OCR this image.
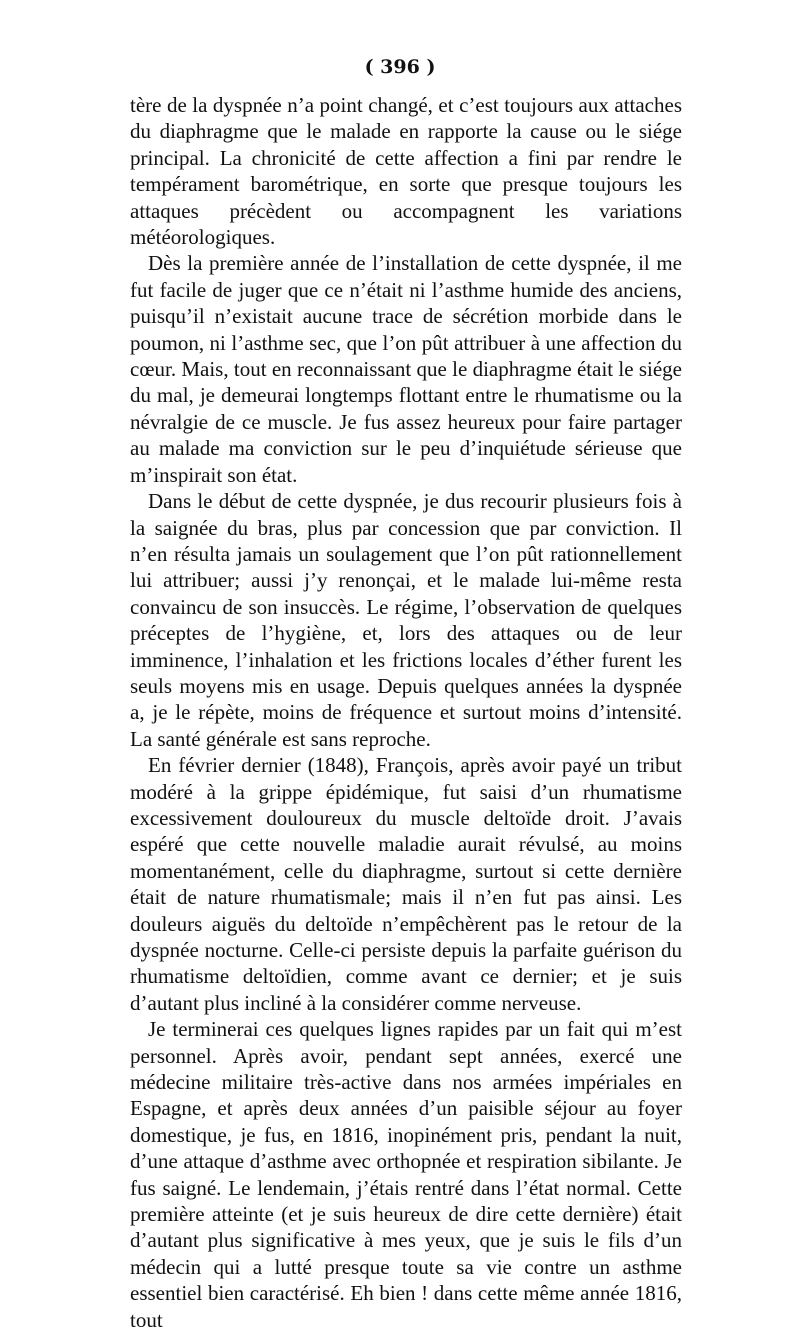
( 396 )

tère de la dyspnée n’a point changé, et c’est toujours aux attaches du diaphragme que le malade en rapporte la cause ou le siége principal. La chronicité de cette affection a fini par rendre le tempérament barométrique, en sorte que presque toujours les attaques précèdent ou accompagnent les variations météorologiques.

Dès la première année de l’installation de cette dyspnée, il me fut facile de juger que ce n’était ni l’asthme humide des anciens, puisqu’il n’existait aucune trace de sécrétion morbide dans le poumon, ni l’asthme sec, que l’on pût attribuer à une affection du cœur. Mais, tout en reconnaissant que le diaphragme était le siége du mal, je demeurai longtemps flottant entre le rhumatisme ou la névralgie de ce muscle. Je fus assez heureux pour faire partager au malade ma conviction sur le peu d’inquiétude sérieuse que m’inspirait son état.

Dans le début de cette dyspnée, je dus recourir plusieurs fois à la saignée du bras, plus par concession que par conviction. Il n’en résulta jamais un soulagement que l’on pût rationnellement lui attribuer; aussi j’y renonçai, et le malade lui-même resta convaincu de son insuccès. Le régime, l’observation de quelques préceptes de l’hygiène, et, lors des attaques ou de leur imminence, l’inhalation et les frictions locales d’éther furent les seuls moyens mis en usage. Depuis quelques années la dyspnée a, je le répète, moins de fréquence et surtout moins d’intensité. La santé générale est sans reproche.

En février dernier (1848), François, après avoir payé un tribut modéré à la grippe épidémique, fut saisi d’un rhumatisme excessivement douloureux du muscle deltoïde droit. J’avais espéré que cette nouvelle maladie aurait révulsé, au moins momentanément, celle du diaphragme, surtout si cette dernière était de nature rhumatismale; mais il n’en fut pas ainsi. Les douleurs aiguës du deltoïde n’empêchèrent pas le retour de la dyspnée nocturne. Celle-ci persiste depuis la parfaite guérison du rhumatisme deltoïdien, comme avant ce dernier; et je suis d’autant plus incliné à la considérer comme nerveuse.

Je terminerai ces quelques lignes rapides par un fait qui m’est personnel. Après avoir, pendant sept années, exercé une médecine militaire très-active dans nos armées impériales en Espagne, et après deux années d’un paisible séjour au foyer domestique, je fus, en 1816, inopinément pris, pendant la nuit, d’une attaque d’asthme avec orthopnée et respiration sibilante. Je fus saigné. Le lendemain, j’étais rentré dans l’état normal. Cette première atteinte (et je suis heureux de dire cette dernière) était d’autant plus significative à mes yeux, que je suis le fils d’un médecin qui a lutté presque toute sa vie contre un asthme essentiel bien caractérisé. Eh bien ! dans cette même année 1816, tout
